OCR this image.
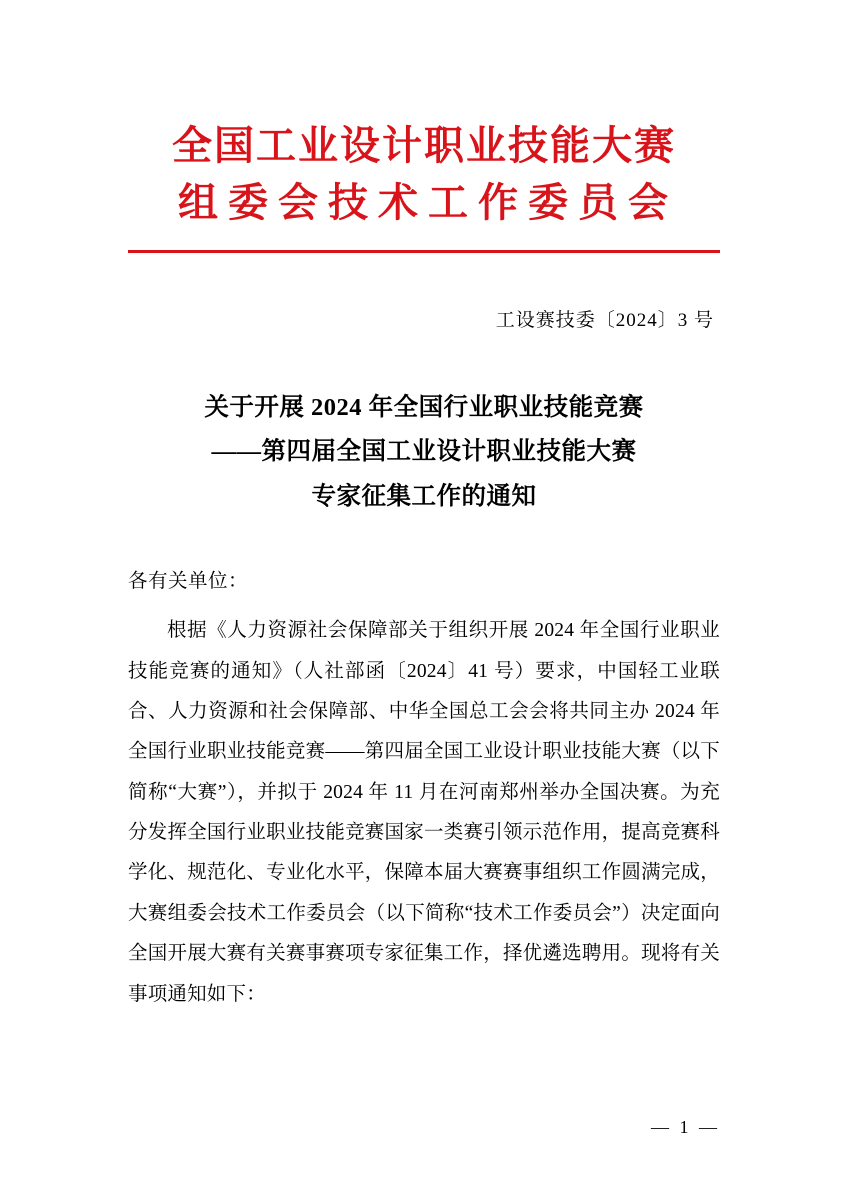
全国工业设计职业技能大赛
组委会技术工作委员会
工设赛技委〔2024〕3 号
关于开展 2024 年全国行业职业技能竞赛
——第四届全国工业设计职业技能大赛
专家征集工作的通知
各有关单位：
根据《人力资源社会保障部关于组织开展 2024 年全国行业职业技能竞赛的通知》（人社部函〔2024〕41 号）要求，中国轻工业联合、人力资源和社会保障部、中华全国总工会会将共同主办 2024 年全国行业职业技能竞赛——第四届全国工业设计职业技能大赛（以下简称“大赛”），并拟于 2024 年 11 月在河南郑州举办全国决赛。为充分发挥全国行业职业技能竞赛国家一类赛引领示范作用，提高竞赛科学化、规范化、专业化水平，保障本届大赛赛事组织工作圆满完成，大赛组委会技术工作委员会（以下简称“技术工作委员会”）决定面向全国开展大赛有关赛事赛项专家征集工作，择优遴选聘用。现将有关事项通知如下：
— 1 —
